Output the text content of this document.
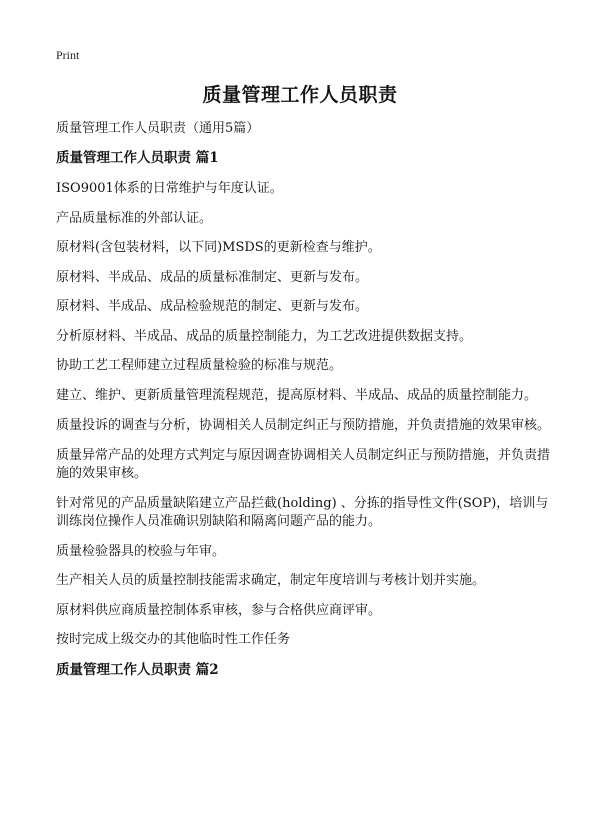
Print
质量管理工作人员职责

质量管理工作人员职责（通用5篇）

质量管理工作人员职责 篇1

ISO9001体系的日常维护与年度认证。

产品质量标准的外部认证。

原材料(含包装材料，以下同)MSDS的更新检查与维护。

原材料、半成品、成品的质量标准制定、更新与发布。

原材料、半成品、成品检验规范的制定、更新与发布。

分析原材料、半成品、成品的质量控制能力，为工艺改进提供数据支持。

协助工艺工程师建立过程质量检验的标准与规范。

建立、维护、更新质量管理流程规范，提高原材料、半成品、成品的质量控制能力。

质量投诉的调查与分析，协调相关人员制定纠正与预防措施，并负责措施的效果审核。

质量异常产品的处理方式判定与原因调查协调相关人员制定纠正与预防措施，并负责措施的效果审核。

针对常见的产品质量缺陷建立产品拦截(holding) 、分拣的指导性文件(SOP)，培训与训练岗位操作人员准确识别缺陷和隔离问题产品的能力。

质量检验器具的校验与年审。

生产相关人员的质量控制技能需求确定，制定年度培训与考核计划并实施。

原材料供应商质量控制体系审核，参与合格供应商评审。

按时完成上级交办的其他临时性工作任务

质量管理工作人员职责 篇2
